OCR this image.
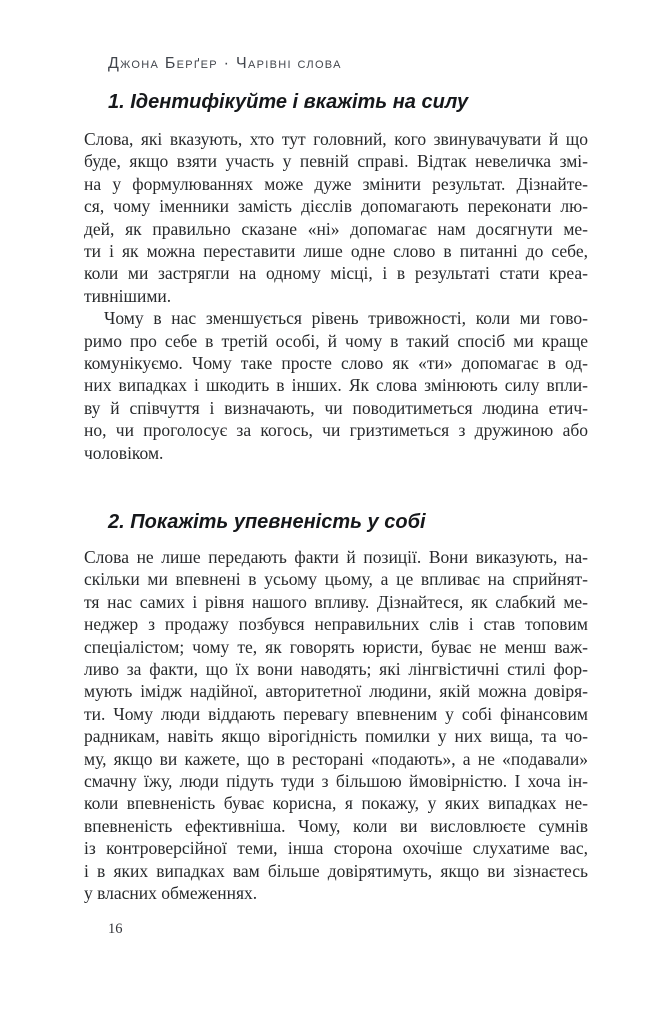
Джона Берґер · Чарівні слова
1. Ідентифікуйте і вкажіть на силу
Слова, які вказують, хто тут головний, кого звинувачувати й що
буде, якщо взяти участь у певній справі. Відтак невеличка змі-
на у формулюваннях може дуже змінити результат. Дізнайте-
ся, чому іменники замість дієслів допомагають переконати лю-
дей, як правильно сказане «ні» допомагає нам досягнути ме-
ти і як можна переставити лише одне слово в питанні до себе,
коли ми застрягли на одному місці, і в результаті стати креа-
тивнішими.
Чому в нас зменшується рівень тривожності, коли ми гово-
римо про себе в третій особі, й чому в такий спосіб ми краще
комунікуємо. Чому таке просте слово як «ти» допомагає в од-
них випадках і шкодить в інших. Як слова змінюють силу впли-
ву й співчуття і визначають, чи поводитиметься людина етич-
но, чи проголосує за когось, чи гризтиметься з дружиною або
чоловіком.
2. Покажіть упевненість у собі
Слова не лише передають факти й позиції. Вони виказують, на-
скільки ми впевнені в усьому цьому, а це впливає на сприйнят-
тя нас самих і рівня нашого впливу. Дізнайтеся, як слабкий ме-
неджер з продажу позбувся неправильних слів і став топовим
спеціалістом; чому те, як говорять юристи, буває не менш важ-
ливо за факти, що їх вони наводять; які лінгвістичні стилі фор-
мують імідж надійної, авторитетної людини, якій можна довіря-
ти. Чому люди віддають перевагу впевненим у собі фінансовим
радникам, навіть якщо вірогідність помилки у них вища, та чо-
му, якщо ви кажете, що в ресторані «подають», а не «подавали»
смачну їжу, люди підуть туди з більшою ймовірністю. І хоча ін-
коли впевненість буває корисна, я покажу, у яких випадках не-
впевненість ефективніша. Чому, коли ви висловлюєте сумнів
із контроверсійної теми, інша сторона охочіше слухатиме вас,
і в яких випадках вам більше довірятимуть, якщо ви зізнаєтесь
у власних обмеженнях.
16
